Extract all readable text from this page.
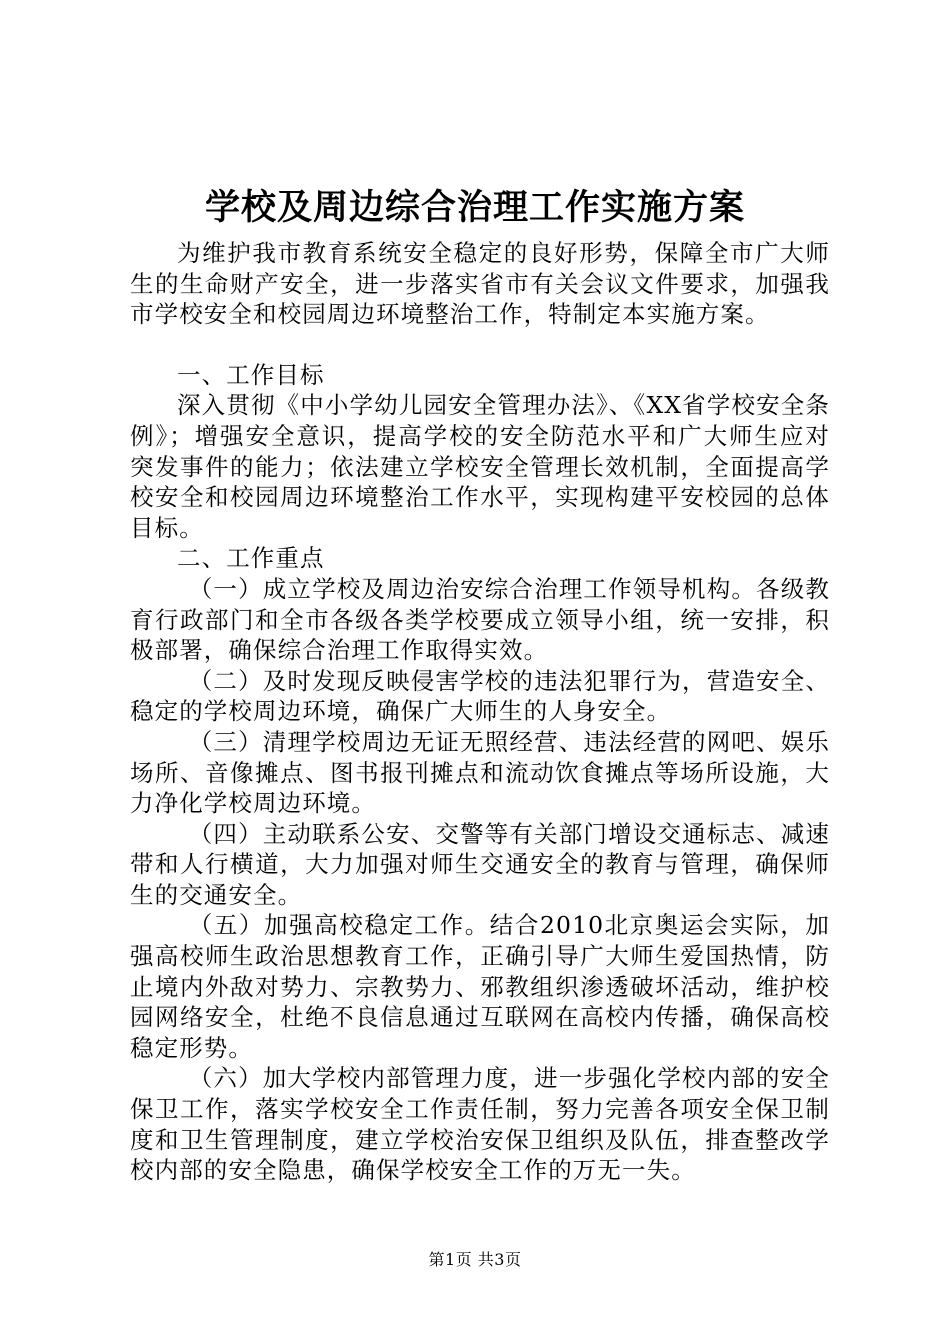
学校及周边综合治理工作实施方案

为维护我市教育系统安全稳定的良好形势，保障全市广大师生的生命财产安全，进一步落实省市有关会议文件要求，加强我市学校安全和校园周边环境整治工作，特制定本实施方案。

一、工作目标

深入贯彻《中小学幼儿园安全管理办法》、《XX省学校安全条例》；增强安全意识，提高学校的安全防范水平和广大师生应对突发事件的能力；依法建立学校安全管理长效机制，全面提高学校安全和校园周边环境整治工作水平，实现构建平安校园的总体目标。

二、工作重点

（一）成立学校及周边治安综合治理工作领导机构。各级教育行政部门和全市各级各类学校要成立领导小组，统一安排，积极部署，确保综合治理工作取得实效。

（二）及时发现反映侵害学校的违法犯罪行为，营造安全、稳定的学校周边环境，确保广大师生的人身安全。

（三）清理学校周边无证无照经营、违法经营的网吧、娱乐场所、音像摊点、图书报刊摊点和流动饮食摊点等场所设施，大力净化学校周边环境。

（四）主动联系公安、交警等有关部门增设交通标志、减速带和人行横道，大力加强对师生交通安全的教育与管理，确保师生的交通安全。

（五）加强高校稳定工作。结合2010北京奥运会实际，加强高校师生政治思想教育工作，正确引导广大师生爱国热情，防止境内外敌对势力、宗教势力、邪教组织渗透破坏活动，维护校园网络安全，杜绝不良信息通过互联网在高校内传播，确保高校稳定形势。

（六）加大学校内部管理力度，进一步强化学校内部的安全保卫工作，落实学校安全工作责任制，努力完善各项安全保卫制度和卫生管理制度，建立学校治安保卫组织及队伍，排查整改学校内部的安全隐患，确保学校安全工作的万无一失。

第1页 共3页
